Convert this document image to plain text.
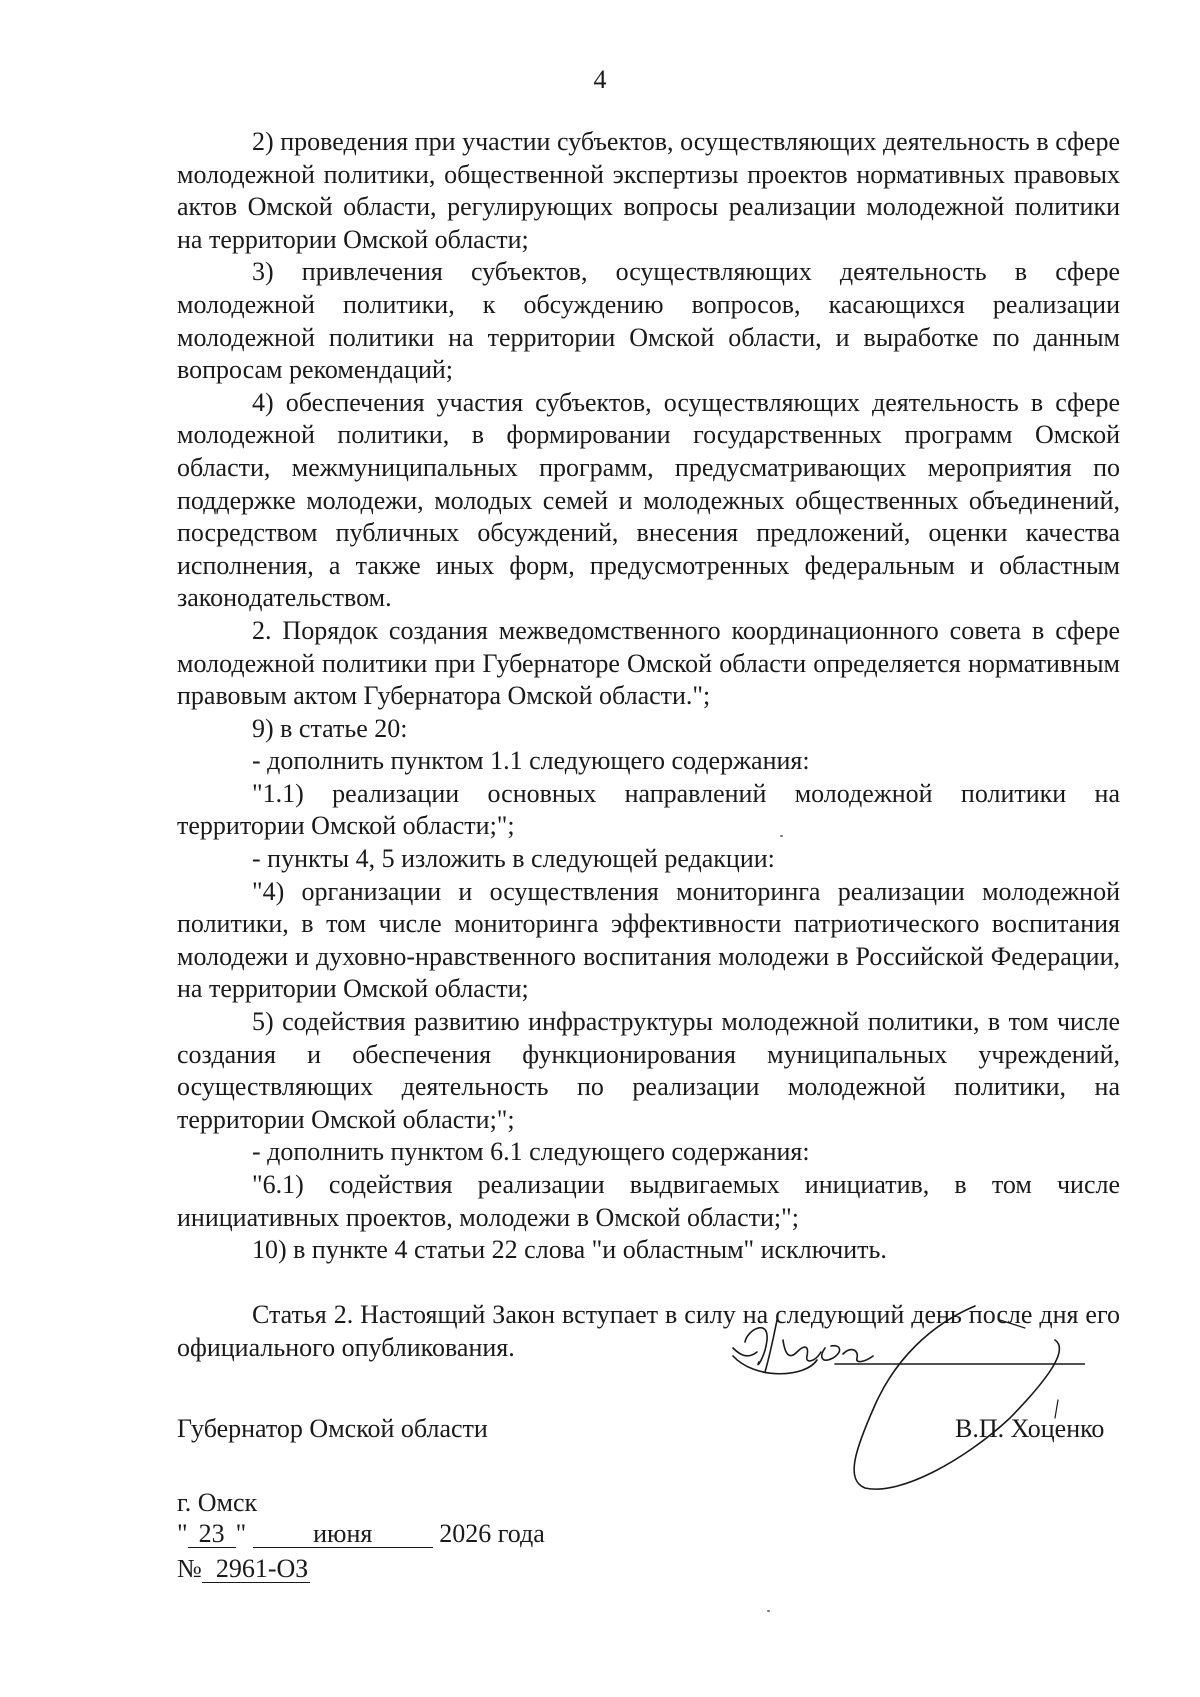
4

2) проведения при участии субъектов, осуществляющих деятельность в сфере молодежной политики, общественной экспертизы проектов нормативных правовых актов Омской области, регулирующих вопросы реализации молодежной политики на территории Омской области;

3) привлечения субъектов, осуществляющих деятельность в сфере молодежной политики, к обсуждению вопросов, касающихся реализации молодежной политики на территории Омской области, и выработке по данным вопросам рекомендаций;

4) обеспечения участия субъектов, осуществляющих деятельность в сфере молодежной политики, в формировании государственных программ Омской области, межмуниципальных программ, предусматривающих мероприятия по поддержке молодежи, молодых семей и молодежных общественных объединений, посредством публичных обсуждений, внесения предложений, оценки качества исполнения, а также иных форм, предусмотренных федеральным и областным законодательством.

2. Порядок создания межведомственного координационного совета в сфере молодежной политики при Губернаторе Омской области определяется нормативным правовым актом Губернатора Омской области.";

9) в статье 20:

- дополнить пунктом 1.1 следующего содержания:

"1.1) реализации основных направлений молодежной политики на территории Омской области;";

- пункты 4, 5 изложить в следующей редакции:

"4) организации и осуществления мониторинга реализации молодежной политики, в том числе мониторинга эффективности патриотического воспитания молодежи и духовно-нравственного воспитания молодежи в Российской Федерации, на территории Омской области;

5) содействия развитию инфраструктуры молодежной политики, в том числе создания и обеспечения функционирования муниципальных учреждений, осуществляющих деятельность по реализации молодежной политики, на территории Омской области;";

- дополнить пунктом 6.1 следующего содержания:

"6.1) содействия реализации выдвигаемых инициатив, в том числе инициативных проектов, молодежи в Омской области;";

10) в пункте 4 статьи 22 слова "и областным" исключить.

Статья 2. Настоящий Закон вступает в силу на следующий день после дня его официального опубликования.

Губернатор Омской области	В.П. Хоценко
г. Омск
" 23 "	июня	2026 года
№ 2961-ОЗ
